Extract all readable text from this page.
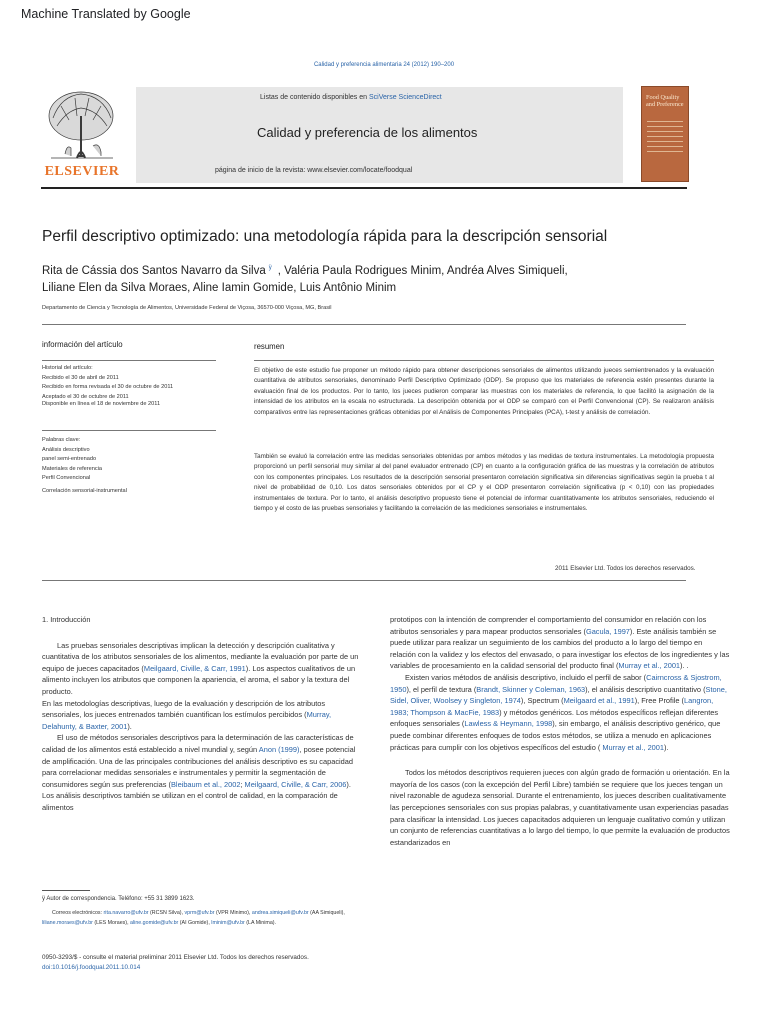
Machine Translated by Google
Calidad y preferencia alimentaria 24 (2012) 190–200
ELSEVIER
Listas de contenido disponibles en SciVerse ScienceDirect
Calidad y preferencia de los alimentos
página de inicio de la revista: www.elsevier.com/locate/foodqual
Food Quality and Preference
Perfil descriptivo optimizado: una metodología rápida para la descripción sensorial
Rita de Cássia dos Santos Navarro da Silva $^ÿ$ , Valéria Paula Rodrigues Minim, Andréa Alves Simiqueli,
Liliane Elen da Silva Moraes, Aline Iamin Gomide, Luis Antônio Minim
Departamento de Ciencia y Tecnología de Alimentos, Universidade Federal de Viçosa, 36570-000 Viçosa, MG, Brasil
información del artículo
Historial del artículo:
Recibido el 30 de abril de 2011
Recibido en forma revisada el 30 de octubre de 2011
Aceptado el 30 de octubre de 2011
Disponible en línea el 18 de noviembre de 2011
Palabras clave:
Análisis descriptivo
panel semi-entrenado
Materiales de referencia
Perfil Convencional
Correlación sensorial-instrumental
resumen
El objetivo de este estudio fue proponer un método rápido para obtener descripciones sensoriales de alimentos utilizando jueces semientrenados y la evaluación cuantitativa de atributos sensoriales, denominado Perfil Descriptivo Optimizado (ODP). Se propuso que los materiales de referencia estén presentes durante la evaluación final de los productos. Por lo tanto, los jueces pudieron comparar las muestras con los materiales de referencia, lo que facilitó la asignación de la intensidad de los atributos en la escala no estructurada. La descripción obtenida por el ODP se comparó con el Perfil Convencional (CP). Se realizaron análisis comparativos entre las representaciones gráficas obtenidas por el Análisis de Componentes Principales (PCA), t-test y análisis de correlación.
También se evaluó la correlación entre las medidas sensoriales obtenidas por ambos métodos y las medidas de textura instrumentales. La metodología propuesta proporcionó un perfil sensorial muy similar al del panel evaluador entrenado (CP) en cuanto a la configuración gráfica de las muestras y la correlación de atributos con los componentes principales. Los resultados de la descripción sensorial presentaron correlación significativa sin diferencias significativas según la prueba t al nivel de probabilidad de 0,10. Los datos sensoriales obtenidos por el CP y el ODP presentaron correlación significativa (p < 0,10) con las propiedades instrumentales de textura. Por lo tanto, el análisis descriptivo propuesto tiene el potencial de informar cuantitativamente los atributos sensoriales, reduciendo el tiempo y el costo de las pruebas sensoriales y facilitando la correlación de las mediciones sensoriales e instrumentales.
2011 Elsevier Ltd. Todos los derechos reservados.

1. Introducción

Las pruebas sensoriales descriptivas implican la detección y descripción cualitativa y cuantitativa de los atributos sensoriales de los alimentos, mediante la evaluación por parte de un equipo de jueces capacitados (Meilgaard, Civille, & Carr, 1991). Los aspectos cualitativos de un alimento incluyen los atributos que componen la apariencia, el aroma, el sabor y la textura del producto.

En las metodologías descriptivas, luego de la evaluación y descripción de los atributos sensoriales, los jueces entrenados también cuantifican los estímulos percibidos (Murray, Delahunty, & Baxter, 2001).

El uso de métodos sensoriales descriptivos para la determinación de las características de calidad de los alimentos está establecido a nivel mundial y, según Anon (1999), posee potencial de amplificación. Una de las principales contribuciones del análisis descriptivo es su capacidad para correlacionar medidas sensoriales e instrumentales y permitir la segmentación de consumidores según sus preferencias (Bleibaum et al., 2002; Meilgaard, Civille, & Carr, 2006). Los análisis descriptivos también se utilizan en el control de calidad, en la comparación de alimentos

prototipos con la intención de comprender el comportamiento del consumidor en relación con los atributos sensoriales y para mapear productos sensoriales (Gacula, 1997). Este análisis también se puede utilizar para realizar un seguimiento de los cambios del producto a lo largo del tiempo en relación con la validez y los efectos del envasado, o para investigar los efectos de los ingredientes y las variables de procesamiento en la calidad sensorial del producto final (Murray et al., 2001). .

Existen varios métodos de análisis descriptivo, incluido el perfil de sabor (Cairncross & Sjostrom, 1950), el perfil de textura (Brandt, Skinner y Coleman, 1963), el análisis descriptivo cuantitativo (Stone, Sidel, Oliver, Woolsey y Singleton, 1974), Spectrum (Meilgaard et al., 1991), Free Profile (Langron, 1983; Thompson & MacFie, 1983) y métodos genéricos. Los métodos específicos reflejan diferentes enfoques sensoriales (Lawless & Heymann, 1998), sin embargo, el análisis descriptivo genérico, que puede combinar diferentes enfoques de todos estos métodos, se utiliza a menudo en aplicaciones prácticas para cumplir con los objetivos específicos del estudio ( Murray et al., 2001).

Todos los métodos descriptivos requieren jueces con algún grado de formación u orientación. En la mayoría de los casos (con la excepción del Perfil Libre) también se requiere que los jueces tengan un nivel razonable de agudeza sensorial. Durante el entrenamiento, los jueces describen cualitativamente las percepciones sensoriales con sus propias palabras, y cuantitativamente usan experiencias pasadas para clasificar la intensidad. Los jueces capacitados adquieren un lenguaje cualitativo común y utilizan un conjunto de referencias cuantitativas a lo largo del tiempo, lo que permite la evaluación de productos estandarizados en

ÿ Autor de correspondencia. Teléfono: +55 31 3899 1623.
Correos electrónicos: rita.navarro@ufv.br (RCSN Silva), vprm@ufv.br (VPR Minimo), andrea.simiqueli@ufv.br (AA Simiqueli), liliane.moraes@ufv.br (LES Moraes), aline.gomide@ufv.br (AI Gomide), lminim@ufv.br (LA Minima).
0950-3293/$ - consulte el material preliminar 2011 Elsevier Ltd. Todos los derechos reservados. doi:10.1016/j.foodqual.2011.10.014
